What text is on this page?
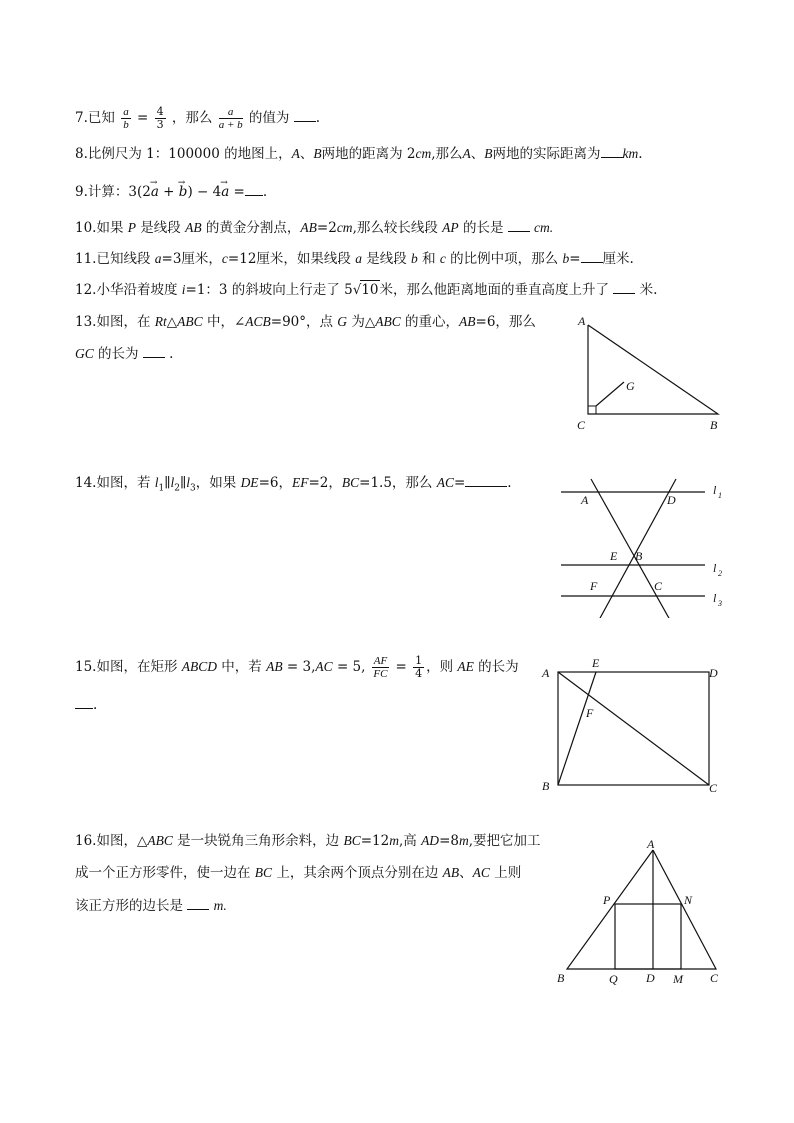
7.已知 $\frac{a}{b} = \frac{4}{3}$ ，那么 $\frac{a}{a + b}$ 的值为 .
8.比例尺为 1：100000 的地图上，A、B两地的距离为 2cm,那么A、B两地的实际距离为 km.
9.计算：3(2→ a + → b) − 4→ a = .
10.如果 P 是线段 AB 的黄金分割点，AB=2cm,那么较长线段 AP 的长是 cm.
11.已知线段 a=3厘米，c=12厘米，如果线段 a 是线段 b 和 c 的比例中项，那么 b= 厘米.
12.小华沿着坡度 i=1：3 的斜坡向上行走了 5√10米，那么他距离地面的垂直高度上升了 米.
13.如图，在 Rt△ABC 中，∠ACB=90°，点 G 为△ABC 的重心，AB=6，那么
GC 的长为 .
A
C	B
G
14.如图，若 $l_1\parallel l_2\parallel l_3$，如果 DE=6，EF=2，BC=1.5，那么 AC=	.
A	D
E B
F	C
l 1
l 2
l 3
15.如图，在矩形 ABCD 中，若 AB = 3,AC = 5, $\frac{AF}{FC} = \frac{1}{4}$ ，则 AE 的长为
.
A
B	C
D
E
F
16.如图，△ABC 是一块锐角三角形余料，边 BC=12m,高 AD=8m,要把它加工
成一个正方形零件，使一边在 BC 上，其余两个顶点分别在边 AB、AC 上则
该正方形的边长是 m.
A
B	C
P	N
Q D M
